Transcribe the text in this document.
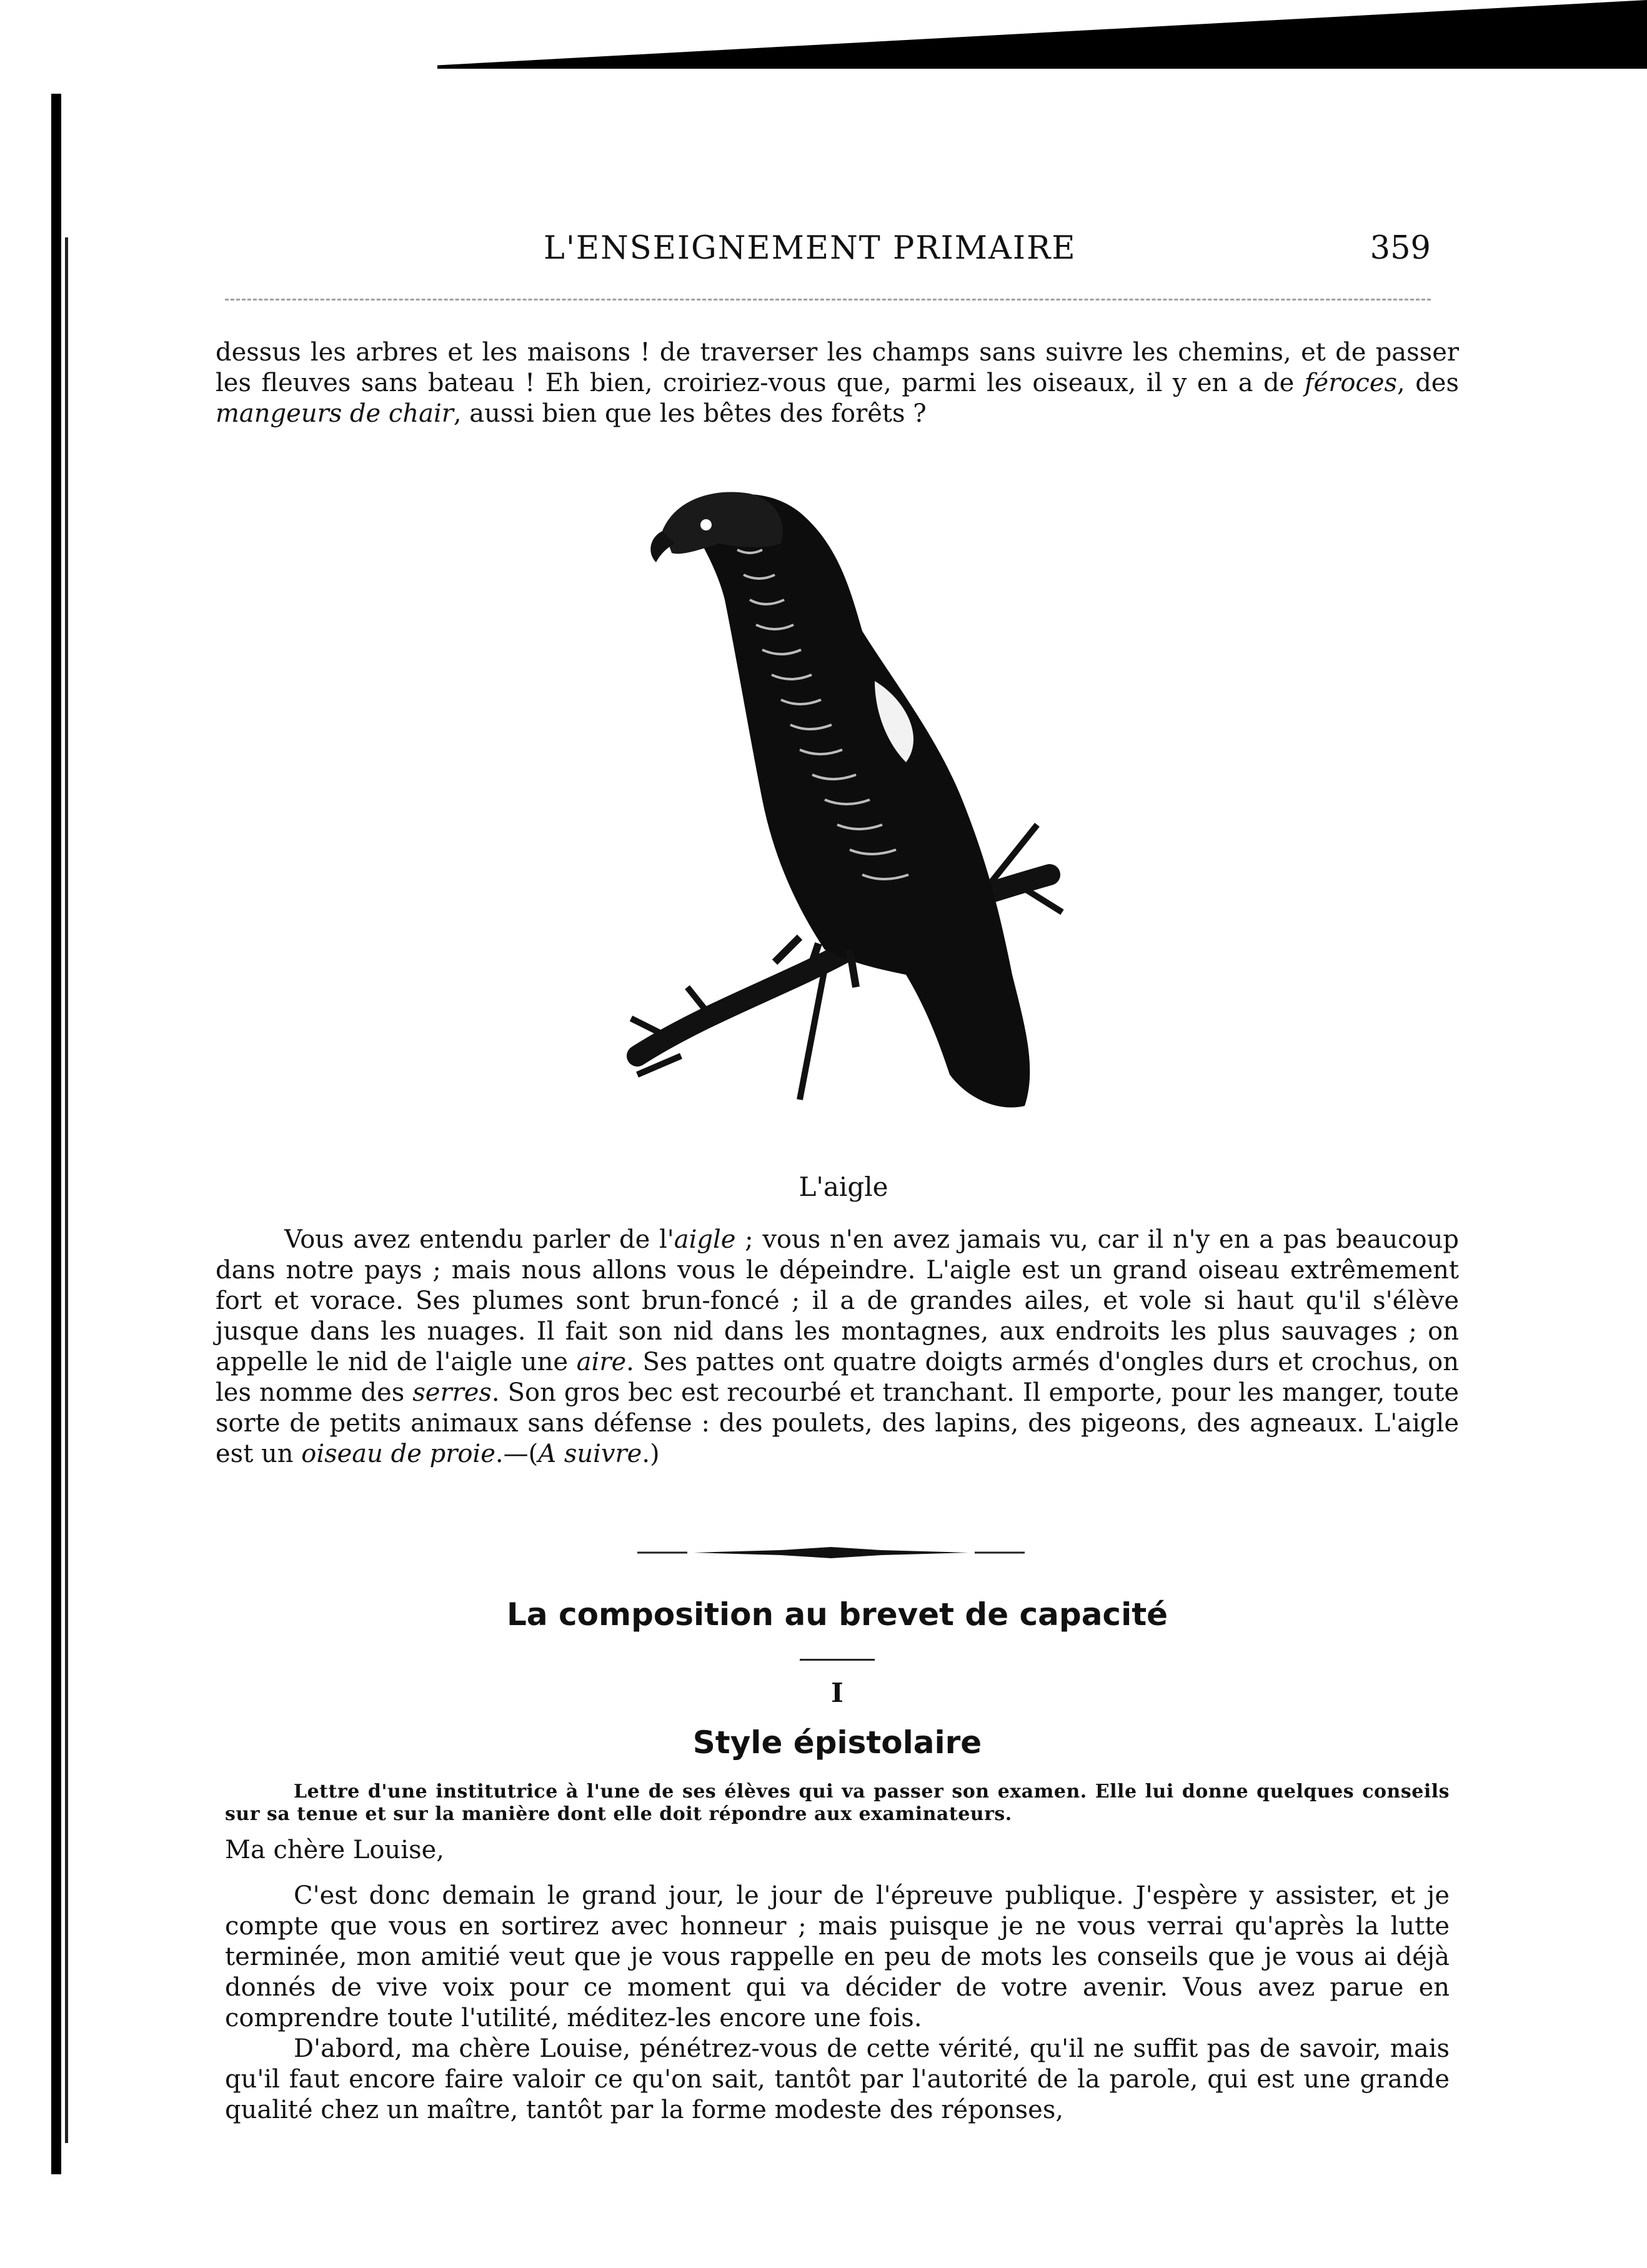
L'ENSEIGNEMENT PRIMAIRE	359
dessus les arbres et les maisons ! de traverser les champs sans suivre les chemins, et de passer les fleuves sans bateau ! Eh bien, croiriez-vous que, parmi les oiseaux, il y en a de féroces, des mangeurs de chair, aussi bien que les bêtes des forêts ?
L'aigle
Vous avez entendu parler de l'aigle ; vous n'en avez jamais vu, car il n'y en a pas beaucoup dans notre pays ; mais nous allons vous le dépeindre. L'aigle est un grand oiseau extrêmement fort et vorace. Ses plumes sont brun-foncé ; il a de grandes ailes, et vole si haut qu'il s'élève jusque dans les nuages. Il fait son nid dans les montagnes, aux endroits les plus sauvages ; on appelle le nid de l'aigle une aire. Ses pattes ont quatre doigts armés d'ongles durs et crochus, on les nomme des serres. Son gros bec est recourbé et tranchant. Il emporte, pour les manger, toute sorte de petits animaux sans défense : des poulets, des lapins, des pigeons, des agneaux. L'aigle est un oiseau de proie.—(A suivre.)
La composition au brevet de capacité
I
Style épistolaire
Lettre d'une institutrice à l'une de ses élèves qui va passer son examen. Elle lui donne quelques conseils sur sa tenue et sur la manière dont elle doit répondre aux examinateurs.
Ma chère Louise,

C'est donc demain le grand jour, le jour de l'épreuve publique. J'espère y assister, et je compte que vous en sortirez avec honneur ; mais puisque je ne vous verrai qu'après la lutte terminée, mon amitié veut que je vous rappelle en peu de mots les conseils que je vous ai déjà donnés de vive voix pour ce moment qui va décider de votre avenir. Vous avez parue en comprendre toute l'utilité, méditez-les encore une fois.

D'abord, ma chère Louise, pénétrez-vous de cette vérité, qu'il ne suffit pas de savoir, mais qu'il faut encore faire valoir ce qu'on sait, tantôt par l'autorité de la parole, qui est une grande qualité chez un maître, tantôt par la forme modeste des réponses,
